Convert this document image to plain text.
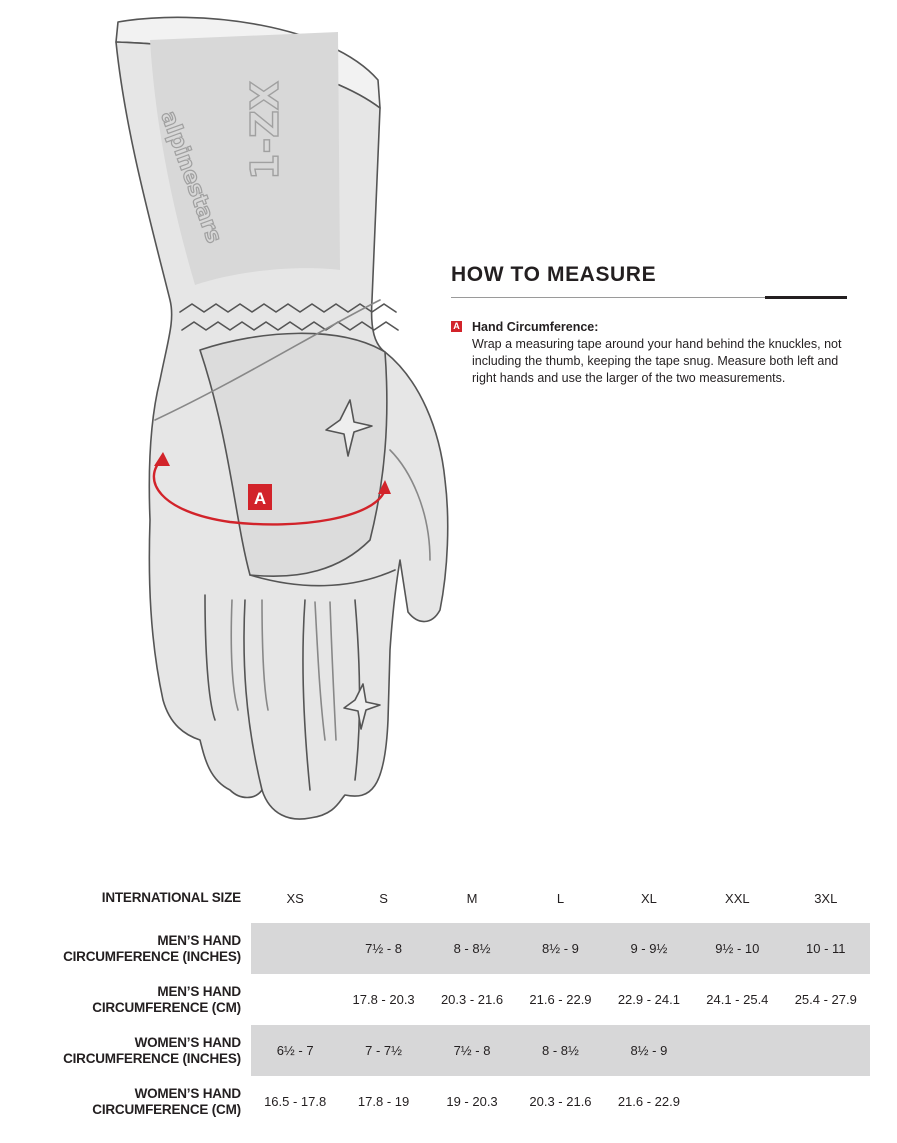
1-ZX
alpinestars
A
HOW TO MEASURE
A Hand Circumference:
Wrap a measuring tape around your hand behind the knuckles, not including the thumb, keeping the tape snug. Measure both left and right hands and use the larger of the two measurements.
INTERNATIONAL SIZE	XS	S	M	L	XL	XXL	3XL

MEN’S HAND
CIRCUMFERENCE (INCHES)		7½ - 8	8 - 8½	8½ - 9	9 - 9½	9½ - 10	10 - 11

MEN’S HAND
CIRCUMFERENCE (CM)		17.8 - 20.3	20.3 - 21.6	21.6 - 22.9	22.9 - 24.1	24.1 - 25.4	25.4 - 27.9

WOMEN’S HAND
CIRCUMFERENCE (INCHES)	6½ - 7	7 - 7½	7½ - 8	8 - 8½	8½ - 9		

WOMEN’S HAND
CIRCUMFERENCE (CM)	16.5 - 17.8	17.8 - 19	19 - 20.3	20.3 - 21.6	21.6 - 22.9		
